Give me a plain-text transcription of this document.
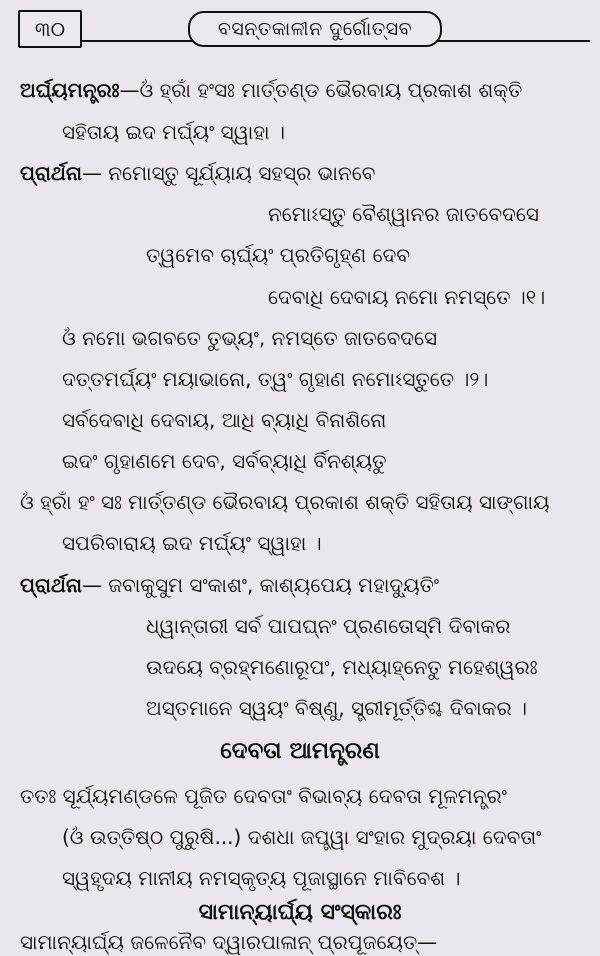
୩୦	ବସନ୍ତକାଳୀନ ଦୁର୍ଗୋତ୍ସବ
ଅର୍ଘ୍ୟମନ୍ତ୍ରଃ—ଓଁ ହ୍ରାଁ ହଂସଃ ମାର୍ତ୍ତଣ୍ଡ ଭୈରବାୟ ପ୍ରକାଶ ଶକ୍ତି
ସହିତାୟ ଇଦ ମର୍ଘ୍ୟଂ ସ୍ୱାହା ।
ପ୍ରାର୍ଥନା— ନମୋସ୍ତୁ ସୂର୍ଯ୍ୟାୟ ସହସ୍ର ଭାନବେ
ନମୋଽସ୍ତୁ ବୈଶ୍ୱାନର ଜାତବେଦସେ
ତ୍ୱମେବ ଚାର୍ଘ୍ୟଂ ପ୍ରତିଗୃହ୍ଣ ଦେବ
ଦେବାଧି ଦେବାୟ ନମୋ ନମସ୍ତେ ।୧।
ଓଁ ନମୋ ଭଗବତେ ତୁଭ୍ୟଂ, ନମସ୍ତେ ଜାତବେଦସେ
ଦତ୍ତମର୍ଘ୍ୟଂ ମୟାଭାନୋ, ତ୍ୱଂ ଗୃହାଣ ନମୋଽସ୍ତୁତେ ।୨।
ସର୍ବଦେବାଧି ଦେବାୟ, ଆଧି ବ୍ୟାଧି ବିନାଶିନୋ
ଇଦଂ ଗୃହାଣମେ ଦେବ, ସର୍ବବ୍ୟାଧି ର୍ବିନଶ୍ୟତୁ
ଓଁ ହ୍ରାଁ ହଂ ସଃ ମାର୍ତ୍ତଣ୍ଡ ଭୈରବାୟ ପ୍ରକାଶ ଶକ୍ତି ସହିତାୟ ସାଙ୍ଗାୟ
ସପରିବାରାୟ ଇଦ ମର୍ଘ୍ୟଂ ସ୍ୱାହା ।
ପ୍ରାର୍ଥନା— ଜବାକୁସୁମ ସଂକାଶଂ, କାଶ୍ୟପେୟ ମହାଦ୍ୟୁତିଂ
ଧ୍ୱାନ୍ତାରୀ ସର୍ବ ପାପଘ୍ନଂ ପ୍ରଣତୋସ୍ମି ଦିବାକର
ଉଦୟେ ବ୍ରହ୍ମଣୋରୂପଂ, ମଧ୍ୟାହ୍ନେତୁ ମହେଶ୍ୱରଃ
ଅସ୍ତମାନେ ସ୍ୱୟଂ ବିଷ୍ଣୁ, ସ୍ତ୍ରୀମୂର୍ତ୍ତିଶ୍ଚ ଦିବାକର ।
ଦେବତା ଆମନ୍ତ୍ରଣ
ତତଃ ସୂର୍ଯ୍ୟମଣ୍ଡଳେ ପୂଜିତ ଦେବତାଂ ବିଭାବ୍ୟ ଦେବତା ମୂଳମନ୍ତ୍ରଂ
(ଓଁ ଉତ୍ତିଷ୍ଠ ପୁରୁଷି...) ଦଶଧା ଜପ୍ତ୍ୱା ସଂହାର ମୁଦ୍ରୟା ଦେବତାଂ
ସ୍ୱହୃଦୟ ମାନୀୟ ନମସ୍କୃତ୍ୟ ପୂଜାସ୍ଥାନେ ମାବିବେଶ ।
ସାମାନ୍ୟାର୍ଘ୍ୟ ସଂସ୍କାରଃ
ସାମାନ୍ୟାର୍ଘ୍ୟ ଜଳେନୈବ ଦ୍ୱାରପାଳାନ୍ ପ୍ରପୂଜୟେତ୍—
